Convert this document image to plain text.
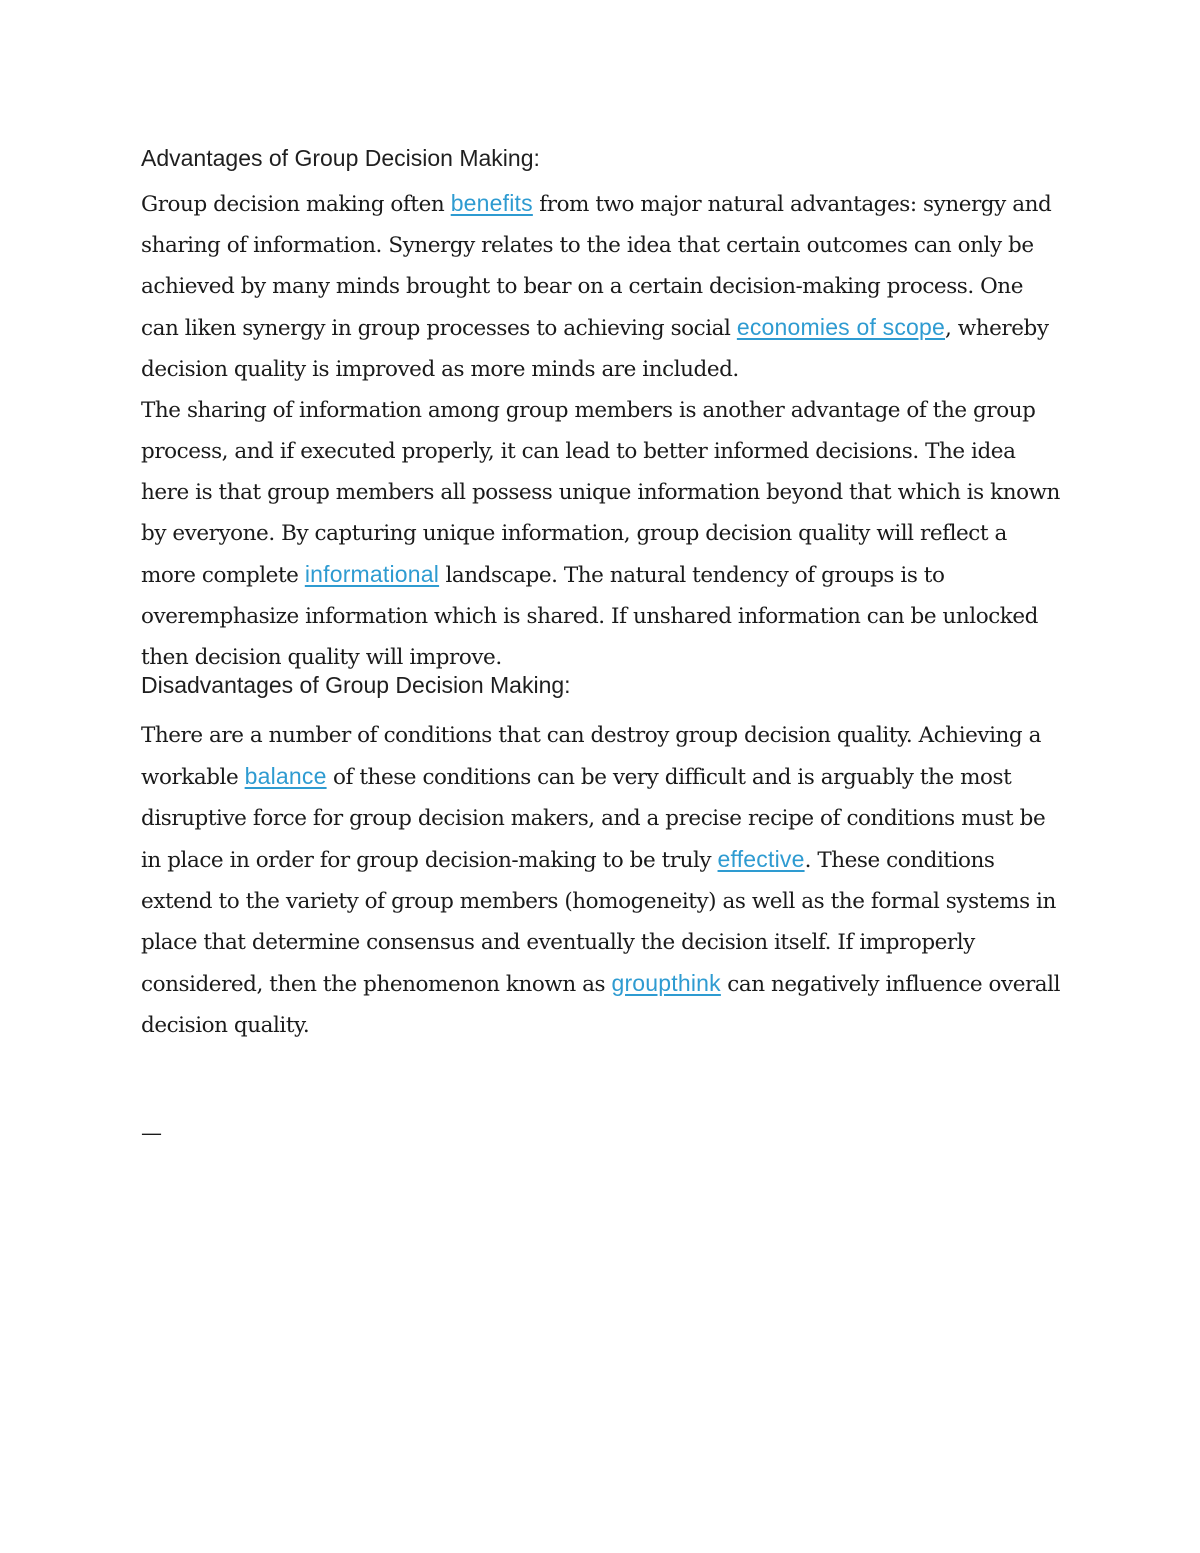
Advantages of Group Decision Making:

Group decision making often benefits from two major natural advantages: synergy and sharing of information. Synergy relates to the idea that certain outcomes can only be achieved by many minds brought to bear on a certain decision-making process. One can liken synergy in group processes to achieving social economies of scope, whereby decision quality is improved as more minds are included.

The sharing of information among group members is another advantage of the group process, and if executed properly, it can lead to better informed decisions. The idea here is that group members all possess unique information beyond that which is known by everyone. By capturing unique information, group decision quality will reflect a more complete informational landscape. The natural tendency of groups is to overemphasize information which is shared. If unshared information can be unlocked then decision quality will improve.

Disadvantages of Group Decision Making:

There are a number of conditions that can destroy group decision quality. Achieving a workable balance of these conditions can be very difficult and is arguably the most disruptive force for group decision makers, and a precise recipe of conditions must be in place in order for group decision-making to be truly effective. These conditions extend to the variety of group members (homogeneity) as well as the formal systems in place that determine consensus and eventually the decision itself. If improperly considered, then the phenomenon known as groupthink can negatively influence overall decision quality.

—
